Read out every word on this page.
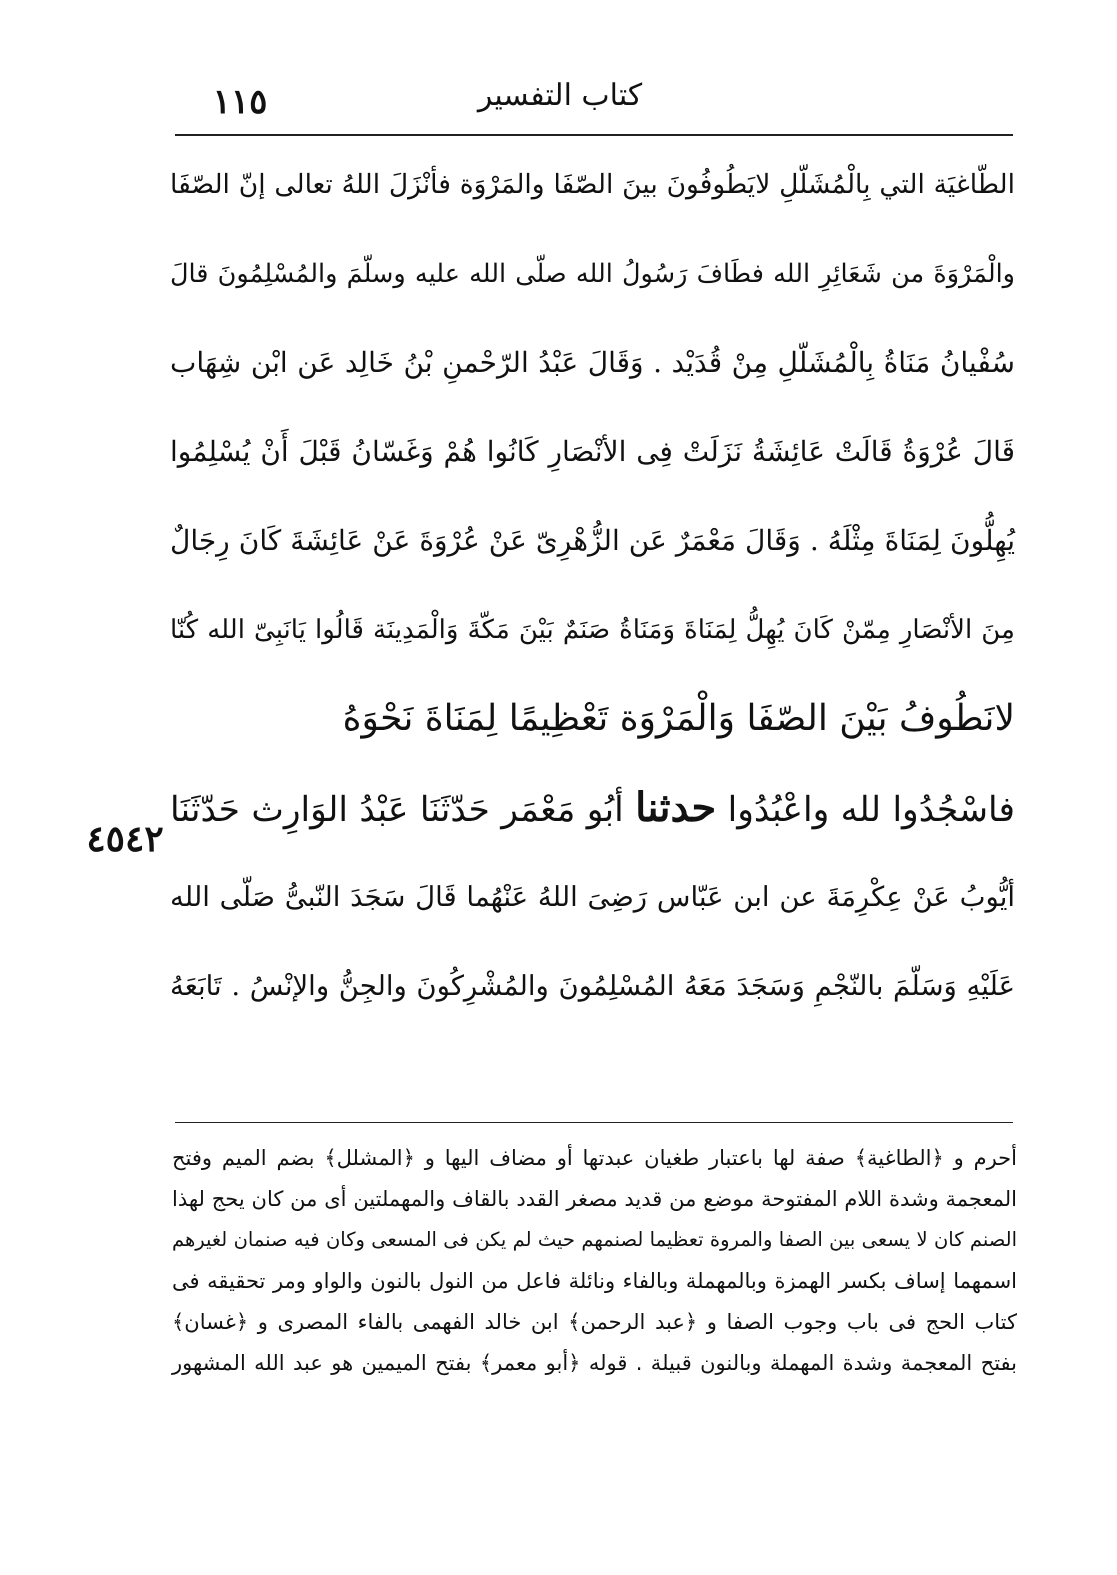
كتاب التفسير
١١٥
الطّاغيَة التي بِالْمُشَلّلِ لايَطُوفُونَ بينَ الصّفَا والمَرْوَة فأنْزَلَ اللهُ تعالى إنّ الصّفَا
والْمَرْوَةَ من شَعَائِرِ الله فطَافَ رَسُولُ الله صلّى الله عليه وسلّمَ والمُسْلِمُونَ قالَ
سُفْيانُ مَنَاةُ بِالْمُشَلّلِ مِنْ قُدَيْد . وَقَالَ عَبْدُ الرّحْمنِ بْنُ خَالِد عَن ابْن شِهَاب
قَالَ عُرْوَةُ قَالَتْ عَائِشَةُ نَزَلَتْ فِى الأنْصَارِ كَانُوا هُمْ وَغَسّانُ قَبْلَ أَنْ يُسْلِمُوا
يُهِلُّونَ لِمَنَاةَ مِثْلَهُ . وَقَالَ مَعْمَرٌ عَن الزُّهْرِىّ عَنْ عُرْوَةَ عَنْ عَائِشَةَ كَانَ رِجَالٌ
مِنَ الأنْصَارِ مِمّنْ كَانَ يُهِلُّ لِمَنَاةَ وَمَنَاةُ صَنَمٌ بَيْنَ مَكّةَ وَالْمَدِينَة قَالُوا يَانَبِىّ الله كُنّا
لانَطُوفُ بَيْنَ الصّفَا وَالْمَرْوَة تَعْظِيمًا لِمَنَاةَ نَحْوَهُ
فاسْجُدُوا لله واعْبُدُوا حدثنا أبُو مَعْمَر حَدّثَنَا عَبْدُ الوَارِث حَدّثَنَا
أيُّوبُ عَنْ عِكْرِمَةَ عن ابن عَبّاس رَضِىَ اللهُ عَنْهُما قَالَ سَجَدَ النّبىُّ صَلّى الله
عَلَيْهِ وَسَلّمَ بالنّجْمِ وَسَجَدَ مَعَهُ المُسْلِمُونَ والمُشْرِكُونَ والجِنُّ والإنْسُ . تَابَعَهُ
٤٥٤٢
أحرم و ﴿الطاغية﴾ صفة لها باعتبار طغيان عبدتها أو مضاف اليها و ﴿المشلل﴾ بضم الميم وفتح
المعجمة وشدة اللام المفتوحة موضع من قديد مصغر القدد بالقاف والمهملتين أى من كان يحج لهذا
الصنم كان لا يسعى بين الصفا والمروة تعظيما لصنمهم حيث لم يكن فى المسعى وكان فيه صنمان لغيرهم
اسمهما إساف بكسر الهمزة وبالمهملة وبالفاء ونائلة فاعل من النول بالنون والواو ومر تحقيقه فى
كتاب الحج فى باب وجوب الصفا و ﴿عبد الرحمن﴾ ابن خالد الفهمى بالفاء المصرى و ﴿غسان﴾
بفتح المعجمة وشدة المهملة وبالنون قبيلة . قوله ﴿أبو معمر﴾ بفتح الميمين هو عبد الله المشهور
